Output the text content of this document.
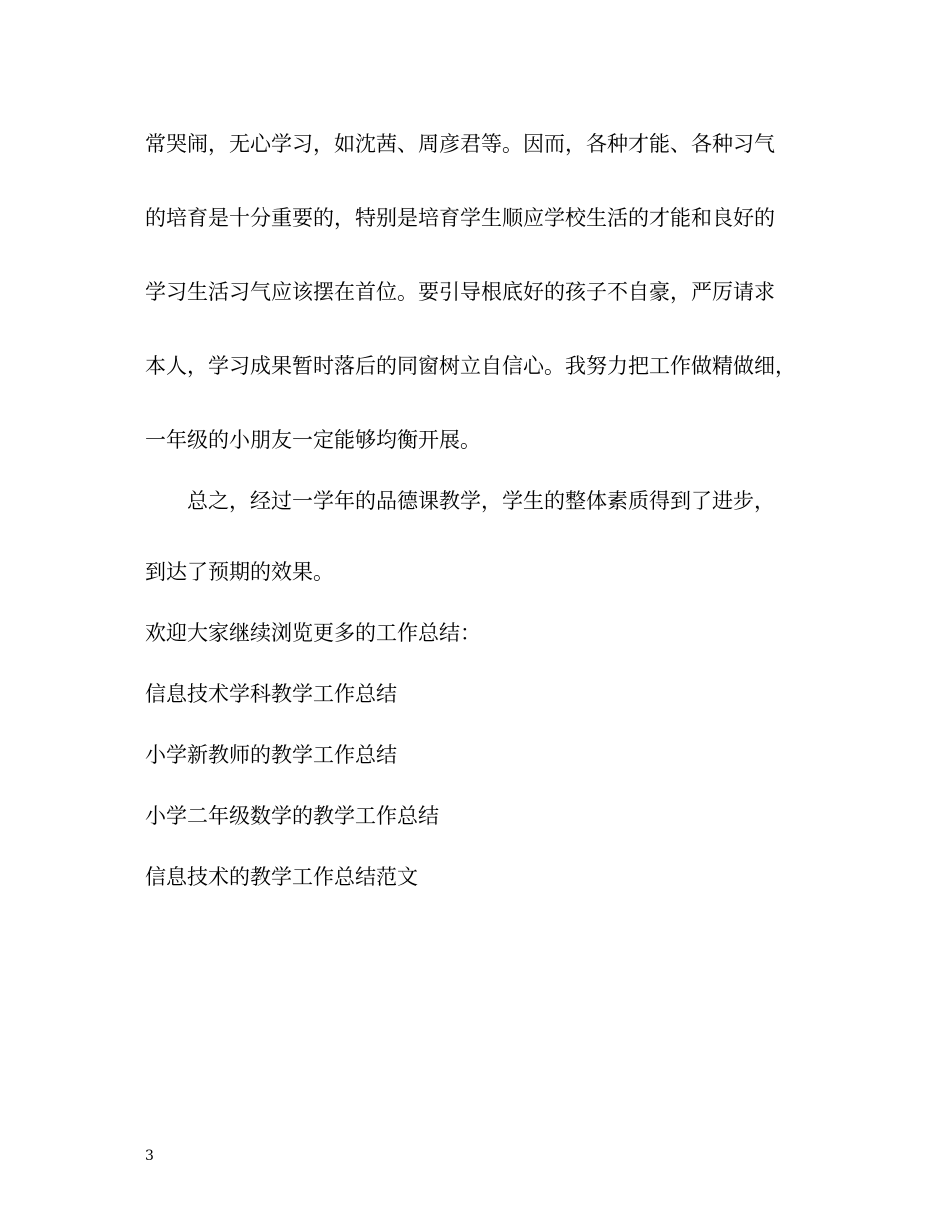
常哭闹，无心学习，如沈茜、周彦君等。因而，各种才能、各种习气
的培育是十分重要的，特别是培育学生顺应学校生活的才能和良好的
学习生活习气应该摆在首位。要引导根底好的孩子不自豪，严厉请求
本人，学习成果暂时落后的同窗树立自信心。我努力把工作做精做细，
一年级的小朋友一定能够均衡开展。
总之，经过一学年的品德课教学，学生的整体素质得到了进步，
到达了预期的效果。
欢迎大家继续浏览更多的工作总结：
信息技术学科教学工作总结
小学新教师的教学工作总结
小学二年级数学的教学工作总结
信息技术的教学工作总结范文
3
